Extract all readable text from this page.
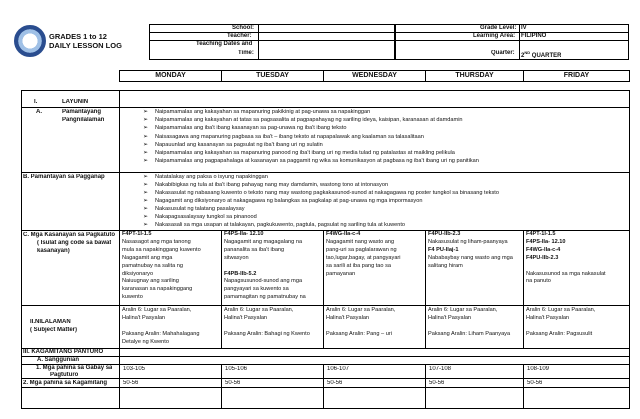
GRADES 1 to 12
DAILY LESSON LOG
School:
Teacher:
Teaching Dates and
Time:
Grade Level: IV
Learning Area: FILIPINO
Quarter: 2ND QUARTER
MONDAY	TUESDAY	WEDNESDAY	THURSDAY	FRIDAY
I.	LAYUNIN
A.	Pamantayang
Pangnilalaman
➢ Naipamamalas ang kakayahan sa mapanuring pakikinig at pag-unawa sa napakinggan
➢ Naipamamalas ang kakayahan at tatas sa pagsasalita at pagpapahayag ng sariling ideya, kaisipan, karanasan at damdamin
➢ Naipamamalas ang iba't ibang kasanayan sa pag-unawa ng iba't ibang teksto
➢ Naisasagawa ang mapanuring pagbasa sa iba't – ibang teksto at napapalawak ang kaalaman sa talasalitaan
➢ Napauunlad ang kasanayan sa pagsulat ng iba't ibang uri ng sulatin
➢ Naipamamalas ang kakayahan sa mapanuring panood ng iba't ibang uri ng media tulad ng patalastas at maikling pelikula
➢ Naipamamalas ang pagpapahalaga at kasanayan sa paggamit ng wika sa komunikasyon at pagbasa ng iba't ibang uri ng panitikan
B. Pamantayan sa Pagganap
➢	Natatalakay ang paksa o isyung napakinggan
➢ Nakabibigkas ng tula at iba't ibang pahayag nang may damdamin, wastong tono at intonasyon
➢ Nakasasulat ng nabasang kuwento o teksto nang may wastong pagkakasunod-sunod at nakagagawa ng poster tungkol sa binasang teksto
➢ Nagagamit ang diksiyonaryo at nakagagawa ng balangkas sa pagkalap at pag-unawa ng mga impormasyon
➢ Nakasusulat ng talatang pasalaysay
➢ Nakapagsasalaysay tungkol sa pinanood
➢ Nakasasali sa mga usapan at talakayan, pagkukuwento, pagtula, pagsulat ng sariling tula at kuwento
C. Mga Kasanayan sa Pagkatuto
( Isulat ang code sa bawat
kasanayan)
F4PT-1I-1.5
Nasasagot ang mga tanong
mula sa napakinggang kuwento
Nagagamit ang mga
pamatnubay na salita ng
diksiyonaryo
Naiuugnay ang sariling
karanasan sa napakinggang
kuwento
F4PS-IIa- 12.10
Nagagamit ang magagalang na
pananalita sa iba't ibang
sitwasyon
F4PB-IIb-5.2
Napagsusunod-sunod ang mga
pangyayari sa kuwento sa
pamamagitan ng pamatnubay na
F4WG-IIa-c-4
Nagagamit nang wasto ang
pang-uri sa paglalarawan ng
tao,lugar,bagay, at pangyayari
sa sarili at iba pang tao sa
pamayanan
F4PU-IIb-2.3
Nakasusulat ng liham-paanyaya
F4 PU-IIaj-1
Nababaybay nang wasto ang mga
salitang hiram
F4PT-1I-1.5
F4PS-IIa- 12.10
F4WG-IIa-c-4
F4PU-IIb-2.3
Nakasusunod sa mga nakasulat
na panuto
II.NILALAMAN
( Subject Matter)
Aralin 6: Lugar sa Paaralan,
Halina't Pasyalan
Paksang Aralin: Mahahalagang
Detalye ng Kwento
Aralin 6: Lugar sa Paaralan,
Halina't Pasyalan
Paksang Aralin: Bahagi ng Kwento
Aralin 6: Lugar sa Paaralan,
Halina't Pasyalan
Paksang Aralin: Pang – uri
Aralin 6: Lugar sa Paaralan,
Halina't Pasyalan
Paksang Aralin: Liham Paanyaya
Aralin 6: Lugar sa Paaralan,
Halina't Pasyalan
Paksang Aralin: Pagsusulit
III. KAGAMITANG PANTURO
A. Sanggunian
1. Mga pahina sa Gabay sa
Pagtuturo
103-105	105-106	106-107	107-108	108-109
2. Mga pahina sa Kagamitang	50-56	50-56	50-56	50-56	50-56
